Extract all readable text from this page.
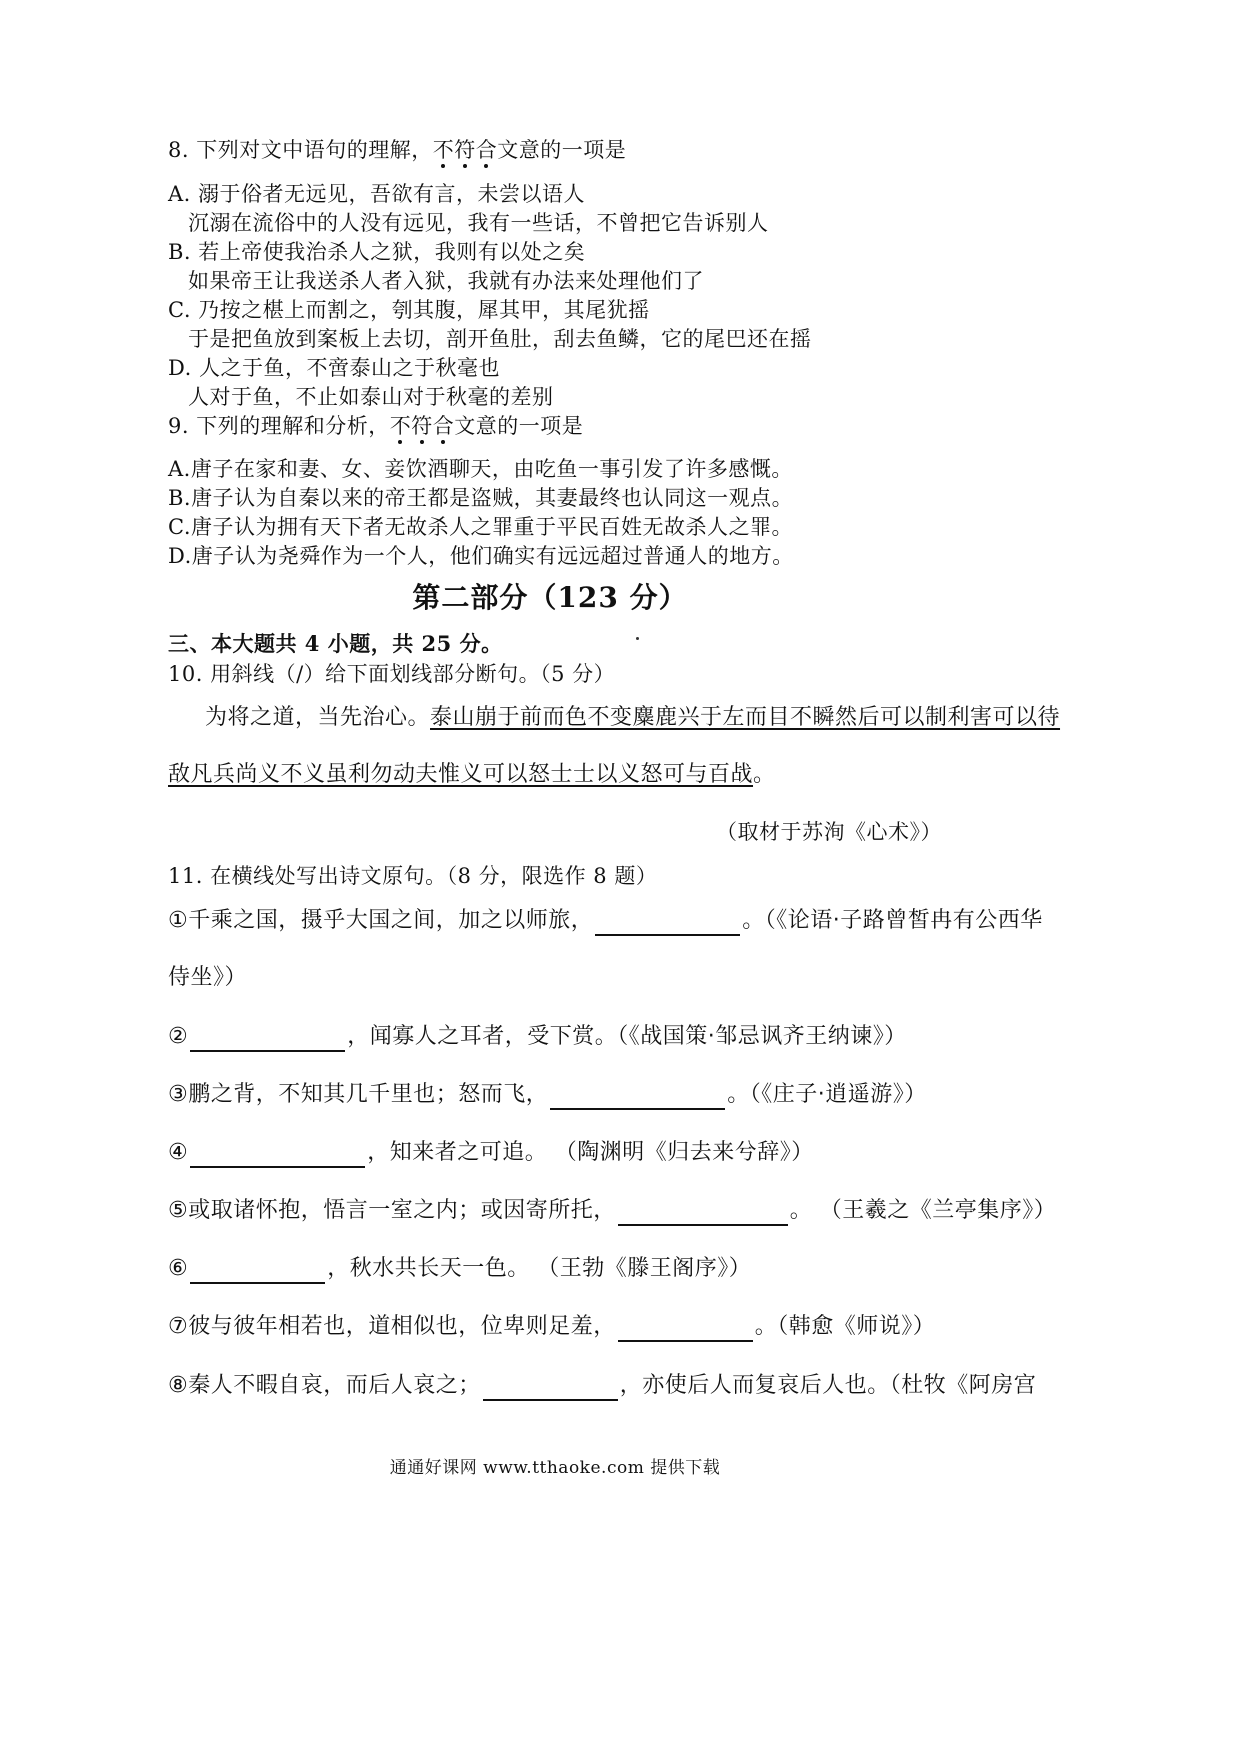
8. 下列对文中语句的理解，不符合文意的一项是
A. 溺于俗者无远见，吾欲有言，未尝以语人
沉溺在流俗中的人没有远见，我有一些话，不曾把它告诉别人
B. 若上帝使我治杀人之狱，我则有以处之矣
如果帝王让我送杀人者入狱，我就有办法来处理他们了
C. 乃按之椹上而割之，刳其腹，犀其甲，其尾犹摇
于是把鱼放到案板上去切，剖开鱼肚，刮去鱼鳞，它的尾巴还在摇
D. 人之于鱼，不啻泰山之于秋毫也
人对于鱼，不止如泰山对于秋毫的差别
9. 下列的理解和分析，不符合文意的一项是
A.唐子在家和妻、女、妾饮酒聊天，由吃鱼一事引发了许多感慨。
B.唐子认为自秦以来的帝王都是盗贼，其妻最终也认同这一观点。
C.唐子认为拥有天下者无故杀人之罪重于平民百姓无故杀人之罪。
D.唐子认为尧舜作为一个人，他们确实有远远超过普通人的地方。
第二部分（123 分）
三、本大题共 4 小题，共 25 分。
10. 用斜线（/）给下面划线部分断句。（5 分）
为将之道，当先治心。泰山崩于前而色不变麋鹿兴于左而目不瞬然后可以制利害可以待
敌凡兵尚义不义虽利勿动夫惟义可以怒士士以义怒可与百战。
（取材于苏洵《心术》）
11. 在横线处写出诗文原句。（8 分，限选作 8 题）
①千乘之国，摄乎大国之间，加之以师旅，	。（《论语·子路曾皙冉有公西华
侍坐》）
②	，闻寡人之耳者，受下赏。（《战国策·邹忌讽齐王纳谏》）
③鹏之背，不知其几千里也；怒而飞，	。（《庄子·逍遥游》）
④	，知来者之可追。 （陶渊明《归去来兮辞》）
⑤或取诸怀抱，悟言一室之内；或因寄所托，	。 （王羲之《兰亭集序》）
⑥	，秋水共长天一色。 （王勃《滕王阁序》）
⑦彼与彼年相若也，道相似也，位卑则足羞，	。（韩愈《师说》）
⑧秦人不暇自哀，而后人哀之；	，亦使后人而复哀后人也。（杜牧《阿房宫
通通好课网 www.tthaoke.com 提供下载
